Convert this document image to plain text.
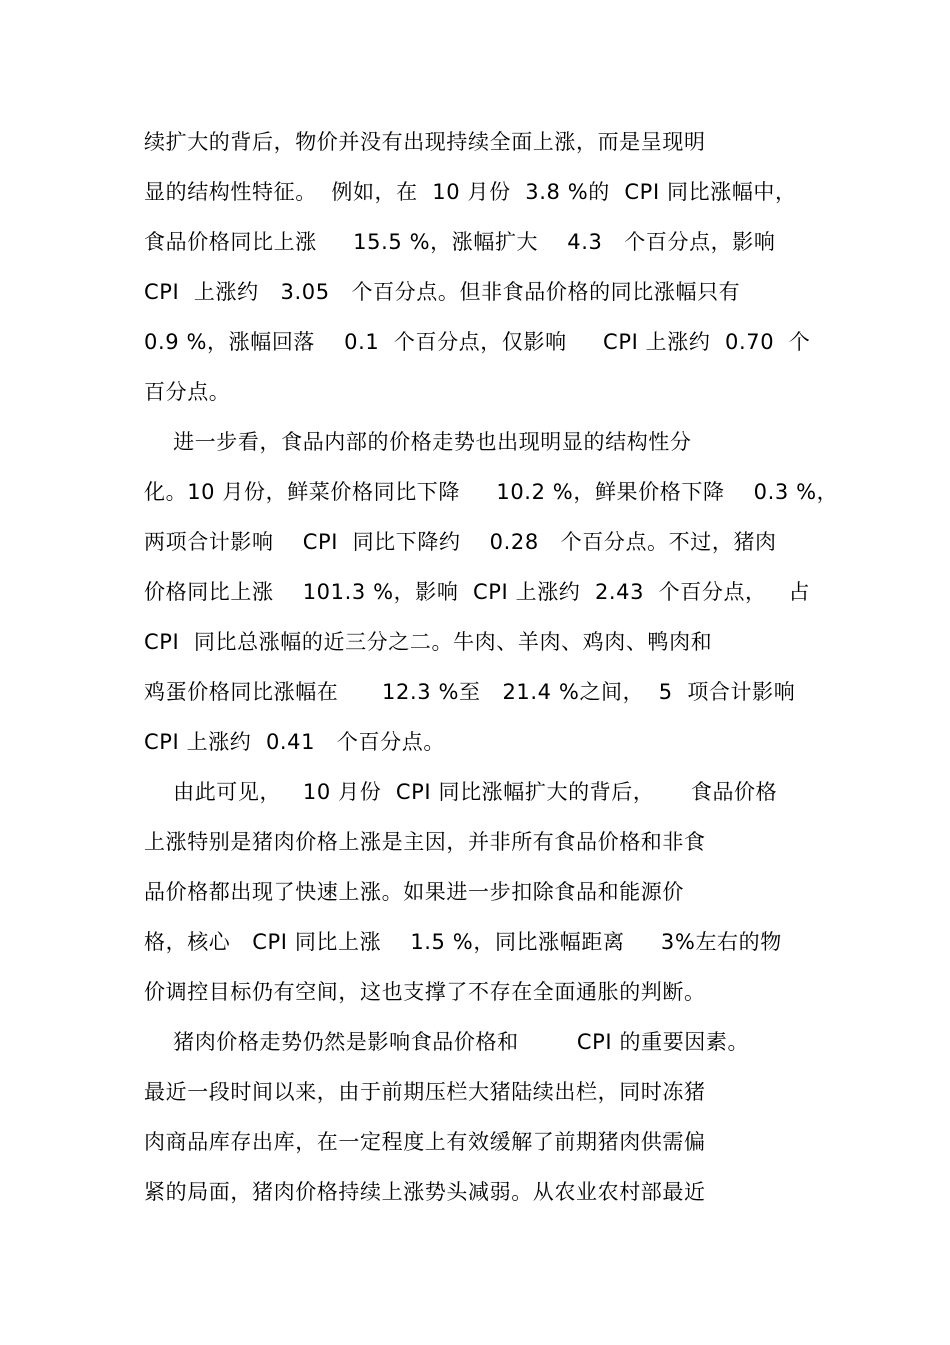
续扩大的背后，物价并没有出现持续全面上涨，而是呈现明
显的结构性特征。  例如，在  10 月份  3.8 %的  CPI 同比涨幅中，
食品价格同比上涨     15.5 %，涨幅扩大    4.3   个百分点，影响
CPI  上涨约   3.05   个百分点。但非食品价格的同比涨幅只有
0.9 %，涨幅回落    0.1  个百分点，仅影响     CPI 上涨约  0.70  个
百分点。
进一步看，食品内部的价格走势也出现明显的结构性分
化。10 月份，鲜菜价格同比下降     10.2 %，鲜果价格下降    0.3 %，
两项合计影响    CPI  同比下降约    0.28   个百分点。不过，猪肉
价格同比上涨    101.3 %，影响  CPI 上涨约  2.43  个百分点，   占
CPI  同比总涨幅的近三分之二。牛肉、羊肉、鸡肉、鸭肉和
鸡蛋价格同比涨幅在      12.3 %至   21.4 %之间，  5  项合计影响
CPI 上涨约  0.41   个百分点。
由此可见，   10 月份  CPI 同比涨幅扩大的背后，     食品价格
上涨特别是猪肉价格上涨是主因，并非所有食品价格和非食
品价格都出现了快速上涨。如果进一步扣除食品和能源价
格，核心   CPI 同比上涨    1.5 %，同比涨幅距离     3%左右的物
价调控目标仍有空间，这也支撑了不存在全面通胀的判断。
猪肉价格走势仍然是影响食品价格和        CPI 的重要因素。
最近一段时间以来，由于前期压栏大猪陆续出栏，同时冻猪
肉商品库存出库，在一定程度上有效缓解了前期猪肉供需偏
紧的局面，猪肉价格持续上涨势头减弱。从农业农村部最近
